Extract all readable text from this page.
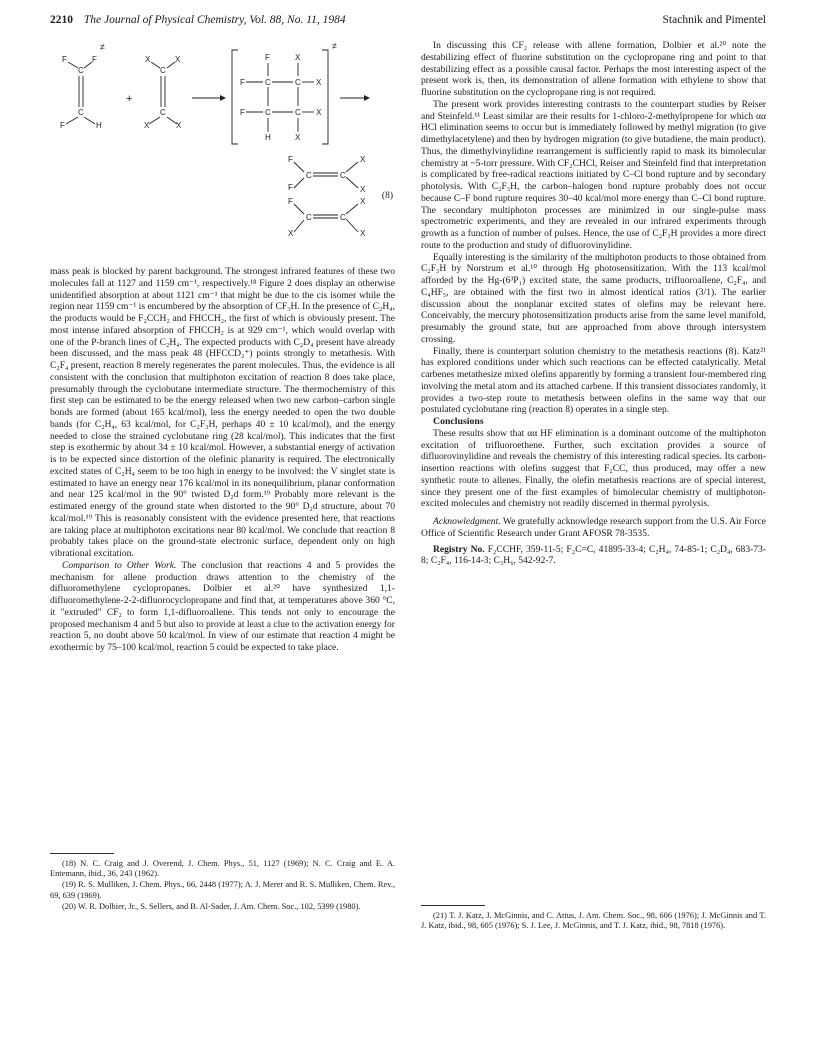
2210 The Journal of Physical Chemistry, Vol. 88, No. 11, 1984	Stachnik and Pimentel
F	F
≠
C
C
F	H
+
X	X
C
C
X	X
≠
F	X
F	C	C X
F	C	C X
H	X
F
F
C	C
X
X
F
X
C	C
X
X
(8)

mass peak is blocked by parent background. The strongest infrared features of these two molecules fall at 1127 and 1159 cm⁻¹, respectively.¹⁸ Figure 2 does display an otherwise unidentified absorption at about 1121 cm⁻¹ that might be due to the cis isomer while the region near 1159 cm⁻¹ is encumbered by the absorption of CF₃H. In the presence of C₂H₄, the products would be F₂CCH₂ and FHCCH₂, the first of which is obviously present. The most intense infared absorption of FHCCH₂ is at 929 cm⁻¹, which would overlap with one of the P-branch lines of C₂H₄. The expected products with C₂D₄ present have already been discussed, and the mass peak 48 (HFCCD₂⁺) points strongly to metathesis. With C₂F₄ present, reaction 8 merely regenerates the parent molecules. Thus, the evidence is all consistent with the conclusion that multiphoton excitation of reaction 8 does take place, presumably through the cyclobutane intermediate structure. The thermochemistry of this first step can be estimated to be the energy released when two new carbon–carbon single bonds are formed (about 165 kcal/mol), less the energy needed to open the two double bands (for C₂H₄, 63 kcal/mol, for C₂F₃H, perhaps 40 ± 10 kcal/mol), and the energy needed to close the strained cyclobutane ring (28 kcal/mol). This indicates that the first step is exothermic by about 34 ± 10 kcal/mol. However, a substantial energy of activation is to be expected since distortion of the olefinic planarity is required. The electronically excited states of C₂H₄ seem to be too high in energy to be involved: the V singlet state is estimated to have an energy near 176 kcal/mol in its nonequilibrium, planar conformation and near 125 kcal/mol in the 90° twisted D₂d form.¹⁹ Probably more relevant is the estimated energy of the ground state when distorted to the 90° D₂d structure, about 70 kcal/mol.¹⁹ This is reasonably consistent with the evidence presented here, that reactions are taking place at multiphoton excitations near 80 kcal/mol. We conclude that reaction 8 probably takes place on the ground-state electronic surface, dependent only on high vibrational excitation.

Comparison to Other Work. The conclusion that reactions 4 and 5 provides the mechanism for allene production draws attention to the chemistry of the difluoromethylene cyclopropanes. Dolbier et al.²⁰ have synthesized 1,1-difluoromethylene-2-2-difluorocyclopropane and find that, at temperatures above 360 °C, it "extruded" CF₂ to form 1,1-difluoroallene. This tends not only to encourage the proposed mechanism 4 and 5 but also to provide at least a clue to the activation energy for reaction 5, no doubt above 50 kcal/mol. In view of our estimate that reaction 4 might be exothermic by 75–100 kcal/mol, reaction 5 could be expected to take place.

In discussing this CF₂ release with allene formation, Dolbier et al.²⁰ note the destabilizing effect of fluorine substitution on the cyclopropane ring and point to that destabilizing effect as a possible causal factor. Perhaps the most interesting aspect of the present work is, then, its demonstration of allene formation with ethylene to show that fluorine substitution on the cyclopropane ring is not required.

The present work provides interesting contrasts to the counterpart studies by Reiser and Steinfeld.¹¹ Least similar are their results for 1-chloro-2-methylpropene for which αα HCl elimination seems to occur but is immediately followed by methyl migration (to give dimethylacetylene) and then by hydrogen migration (to give butadiene, the main product). Thus, the dimethylvinylidine rearrangement is sufficiently rapid to mask its bimolecular chemistry at ~5-torr pressure. With CF₂CHCl, Reiser and Steinfeld find that interpretation is complicated by free-radical reactions initiated by C–Cl bond rupture and by secondary photolysis. With C₂F₃H, the carbon–halogen bond rupture probably does not occur because C–F bond rupture requires 30–40 kcal/mol more energy than C–Cl bond rupture. The secondary multiphoton processes are minimized in our single-pulse mass spectrometric experiments, and they are revealed in our infrared experiments through growth as a function of number of pulses. Hence, the use of C₂F₃H provides a more direct route to the production and study of difluorovinylidine.

Equally interesting is the similarity of the multiphoton products to those obtained from C₂F₃H by Norstrum et al.¹⁰ through Hg photosensitization. With the 113 kcal/mol afforded by the Hg-(6³P₁) excited state, the same products, trifluoroallene, C₂F₄, and C₄HF₅, are obtained with the first two in almost identical ratios (3/1). The earlier discussion about the nonplanar excited states of olefins may be relevant here. Conceivably, the mercury photosensitization products arise from the same level manifold, presumably the ground state, but are approached from above through intersystem crossing.

Finally, there is counterpart solution chemistry to the metathesis reactions (8). Katz²¹ has explored conditions under which such reactions can be effected catalytically. Metal carbenes metathesize mixed olefins apparently by forming a transient four-membered ring involving the metal atom and its attached carbene. If this transient dissociates randomly, it provides a two-step route to metathesis between olefins in the same way that our postulated cyclobutane ring (reaction 8) operates in a single step.

Conclusions

These results show that αα HF elimination is a dominant outcome of the multiphoton excitation of trifluoroethene. Further, such excitation provides a source of difluorovinylidine and reveals the chemistry of this interesting radical species. Its carbon-insertion reactions with olefins suggest that F₂CC, thus produced, may offer a new synthetic route to allenes. Finally, the olefin metathesis reactions are of special interest, since they present one of the first examples of bimolecular chemistry of multiphoton-excited molecules and chemistry not readily discerned in thermal pyrolysis.

Acknowledgment. We gratefully acknowledge research support from the U.S. Air Force Office of Scientific Research under Grant AFOSR 78-3535.

Registry No. F₂CCHF, 359-11-5; F₂C=C, 41895-33-4; C₂H₄, 74-85-1; C₂D₄, 683-73-8; C₂F₄, 116-14-3; C₃H₆, 542-92-7.

(18) N. C. Craig and J. Overend, J. Chem. Phys., 51, 1127 (1969); N. C. Craig and E. A. Entemann, ibid., 36, 243 (1962).

(19) R. S. Mulliken, J. Chem. Phys., 66, 2448 (1977); A. J. Merer and R. S. Mulliken, Chem. Rev., 69, 639 (1969).

(20) W. R. Dolbier, Jr., S. Sellers, and B. Al-Sader, J. Am. Chem. Soc., 102, 5399 (1980).

(21) T. J. Katz, J. McGinnis, and C. Attus, J. Am. Chem. Soc., 98, 606 (1976); J. McGinnis and T. J. Katz, ibid., 98, 605 (1976); S. J. Lee, J. McGinnis, and T. J. Katz, ibid., 98, 7818 (1976).
